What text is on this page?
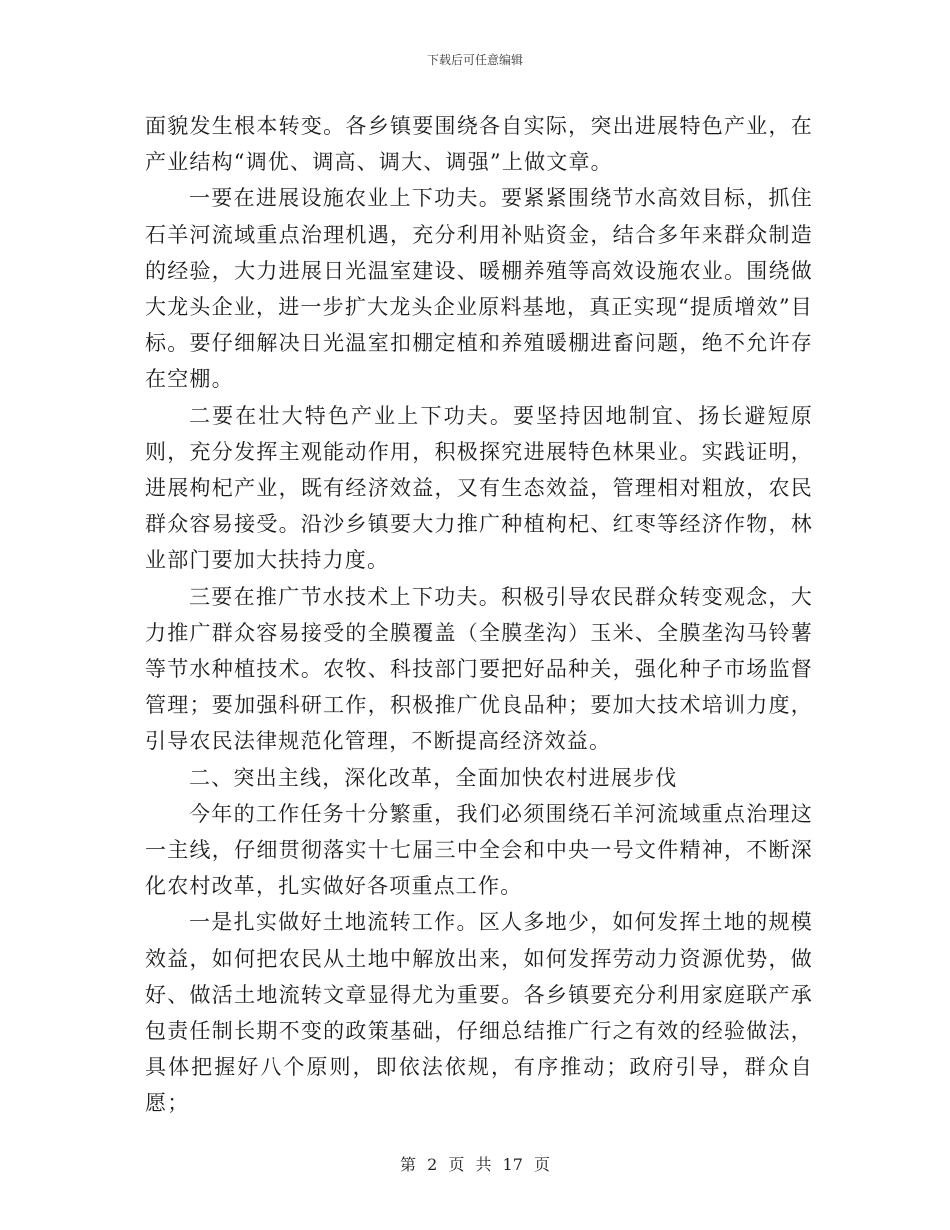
下载后可任意编辑

面貌发生根本转变。各乡镇要围绕各自实际，突出进展特色产业，在产业结构“调优、调高、调大、调强”上做文章。

一要在进展设施农业上下功夫。要紧紧围绕节水高效目标，抓住石羊河流域重点治理机遇，充分利用补贴资金，结合多年来群众制造的经验，大力进展日光温室建设、暖棚养殖等高效设施农业。围绕做大龙头企业，进一步扩大龙头企业原料基地，真正实现“提质增效”目标。要仔细解决日光温室扣棚定植和养殖暖棚进畜问题，绝不允许存在空棚。

二要在壮大特色产业上下功夫。要坚持因地制宜、扬长避短原则，充分发挥主观能动作用，积极探究进展特色林果业。实践证明，进展枸杞产业，既有经济效益，又有生态效益，管理相对粗放，农民群众容易接受。沿沙乡镇要大力推广种植枸杞、红枣等经济作物，林业部门要加大扶持力度。

三要在推广节水技术上下功夫。积极引导农民群众转变观念，大力推广群众容易接受的全膜覆盖（全膜垄沟）玉米、全膜垄沟马铃薯等节水种植技术。农牧、科技部门要把好品种关，强化种子市场监督管理；要加强科研工作，积极推广优良品种；要加大技术培训力度，引导农民法律规范化管理，不断提高经济效益。

二、突出主线，深化改革，全面加快农村进展步伐

今年的工作任务十分繁重，我们必须围绕石羊河流域重点治理这一主线，仔细贯彻落实十七届三中全会和中央一号文件精神，不断深化农村改革，扎实做好各项重点工作。

一是扎实做好土地流转工作。区人多地少，如何发挥土地的规模效益，如何把农民从土地中解放出来，如何发挥劳动力资源优势，做好、做活土地流转文章显得尤为重要。各乡镇要充分利用家庭联产承包责任制长期不变的政策基础，仔细总结推广行之有效的经验做法，具体把握好八个原则，即依法依规，有序推动；政府引导，群众自愿；

第 2 页 共 17 页
